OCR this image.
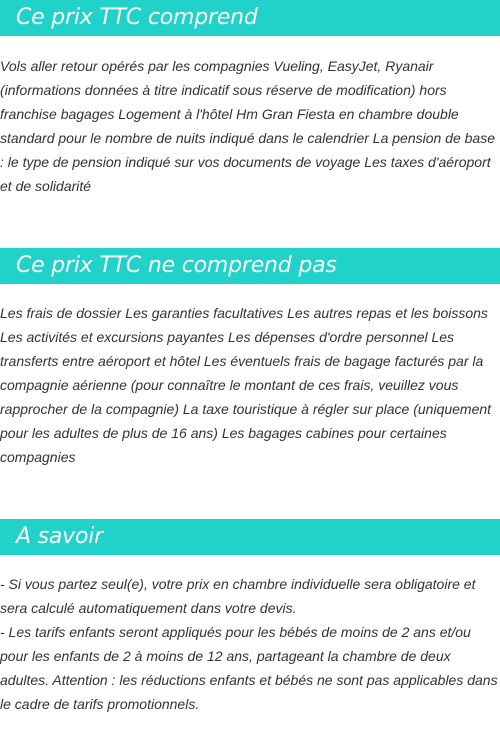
Ce prix TTC comprend
Vols aller retour opérés par les compagnies Vueling, EasyJet, Ryanair (informations données à titre indicatif sous réserve de modification) hors franchise bagages Logement à l'hôtel Hm Gran Fiesta en chambre double standard pour le nombre de nuits indiqué dans le calendrier La pension de base : le type de pension indiqué sur vos documents de voyage Les taxes d'aéroport et de solidarité
Ce prix TTC ne comprend pas
Les frais de dossier Les garanties facultatives Les autres repas et les boissons Les activités et excursions payantes Les dépenses d'ordre personnel Les transferts entre aéroport et hôtel Les éventuels frais de bagage facturés par la compagnie aérienne (pour connaître le montant de ces frais, veuillez vous rapprocher de la compagnie) La taxe touristique à régler sur place (uniquement pour les adultes de plus de 16 ans) Les bagages cabines pour certaines compagnies
A savoir
- Si vous partez seul(e), votre prix en chambre individuelle sera obligatoire et sera calculé automatiquement dans votre devis.
- Les tarifs enfants seront appliqués pour les bébés de moins de 2 ans et/ou pour les enfants de 2 à moins de 12 ans, partageant la chambre de deux adultes. Attention : les réductions enfants et bébés ne sont pas applicables dans le cadre de tarifs promotionnels.
